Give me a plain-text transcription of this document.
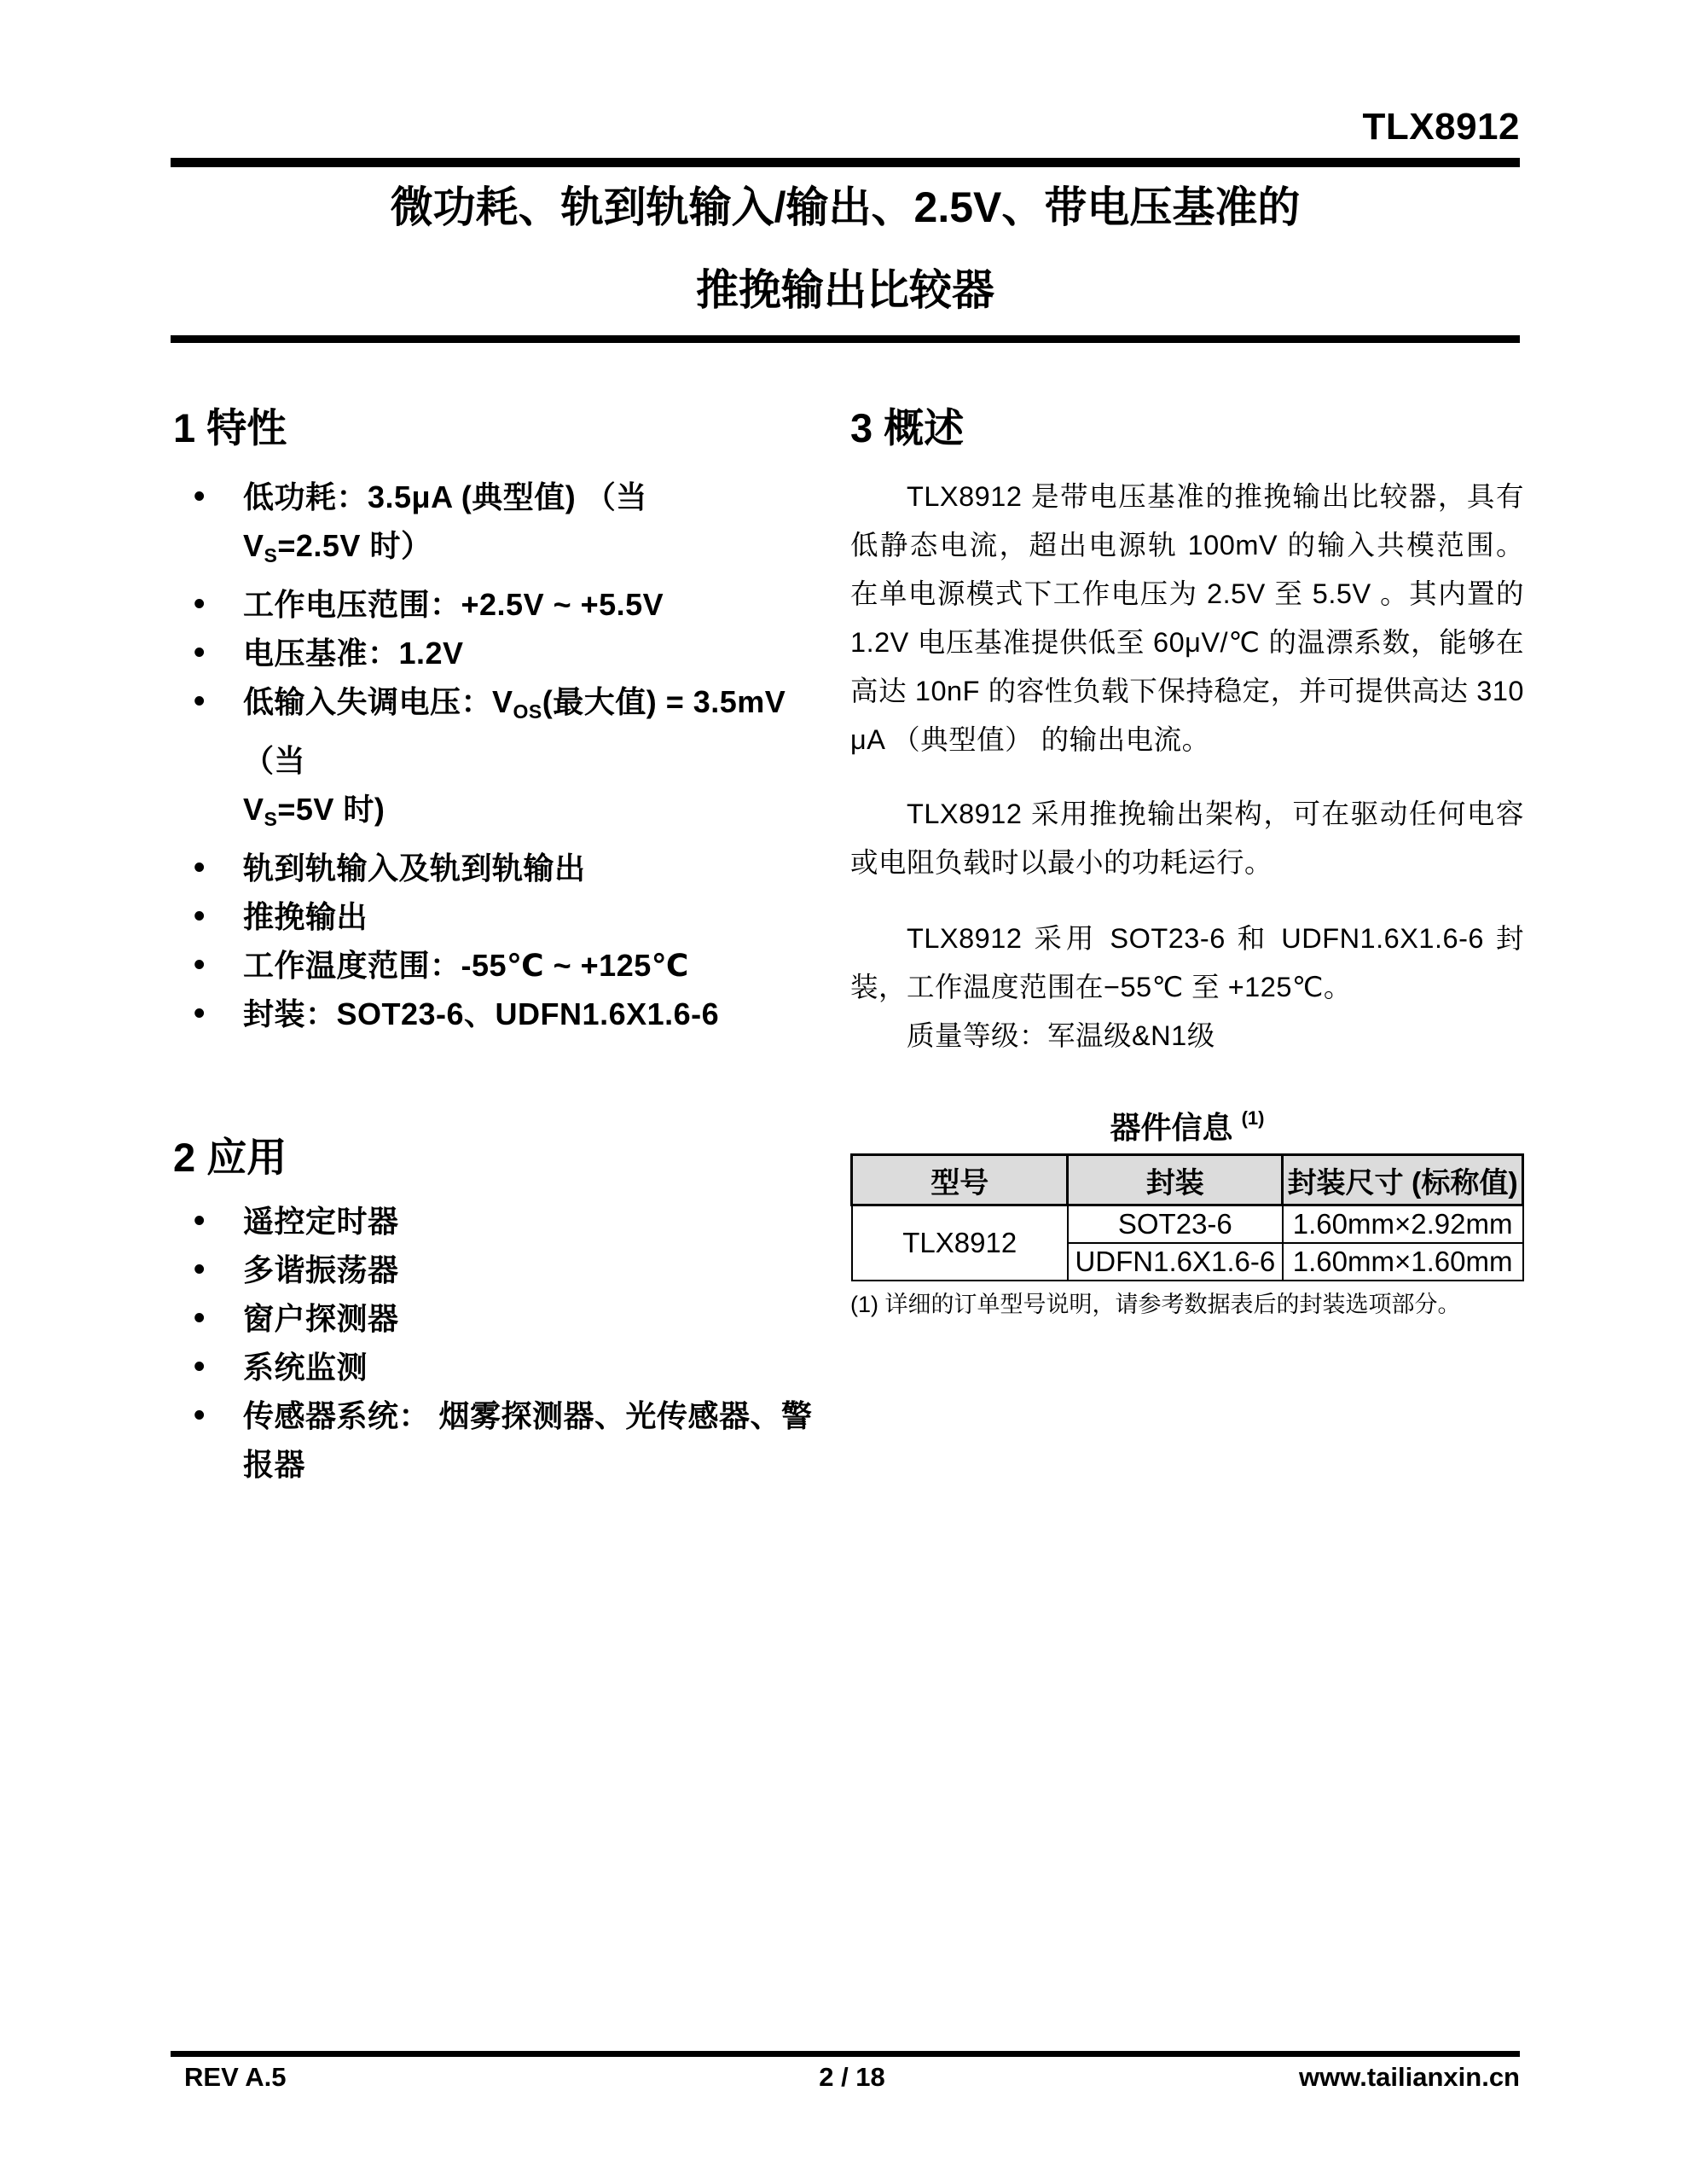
TLX8912
微功耗、轨到轨输入/输出、2.5V、带电压基准的
推挽输出比较器
1 特性
• 低功耗：3.5μA (典型值) （当 $V_S=2.5V$ 时）
• 工作电压范围：+2.5V ~ +5.5V
• 电压基准：1.2V
• 低输入失调电压：$V_{OS}$(最大值) = 3.5mV （当
$V_S=5V$ 时)
• 轨到轨输入及轨到轨输出
• 推挽输出
• 工作温度范围：-55℃ ~ +125℃
• 封装：SOT23-6、UDFN1.6X1.6-6
2 应用
• 遥控定时器
• 多谐振荡器
• 窗户探测器
• 系统监测
• 传感器系统： 烟雾探测器、光传感器、警报器
3 概述

TLX8912 是带电压基准的推挽输出比较器，具有低静态电流，超出电源轨 100mV 的输入共模范围。 在单电源模式下工作电压为 2.5V 至 5.5V 。其内置的 1.2V 电压基准提供低至 60μV/℃ 的温漂系数，能够在高达 10nF 的容性负载下保持稳定，并可提供高达 310 μA （典型值） 的输出电流。

TLX8912 采用推挽输出架构，可在驱动任何电容或电阻负载时以最小的功耗运行。

TLX8912 采用 SOT23-6 和 UDFN1.6X1.6-6 封装，工作温度范围在−55℃ 至 +125℃。

质量等级：军温级&N1级

器件信息 $^{(1)}$
型号	封装	封装尺寸 (标称值)
TLX8912	SOT23-6	1.60mm×2.92mm
	UDFN1.6X1.6-6	1.60mm×1.60mm
(1) 详细的订单型号说明，请参考数据表后的封装选项部分。
REV A.5	2 / 18	www.tailianxin.cn
